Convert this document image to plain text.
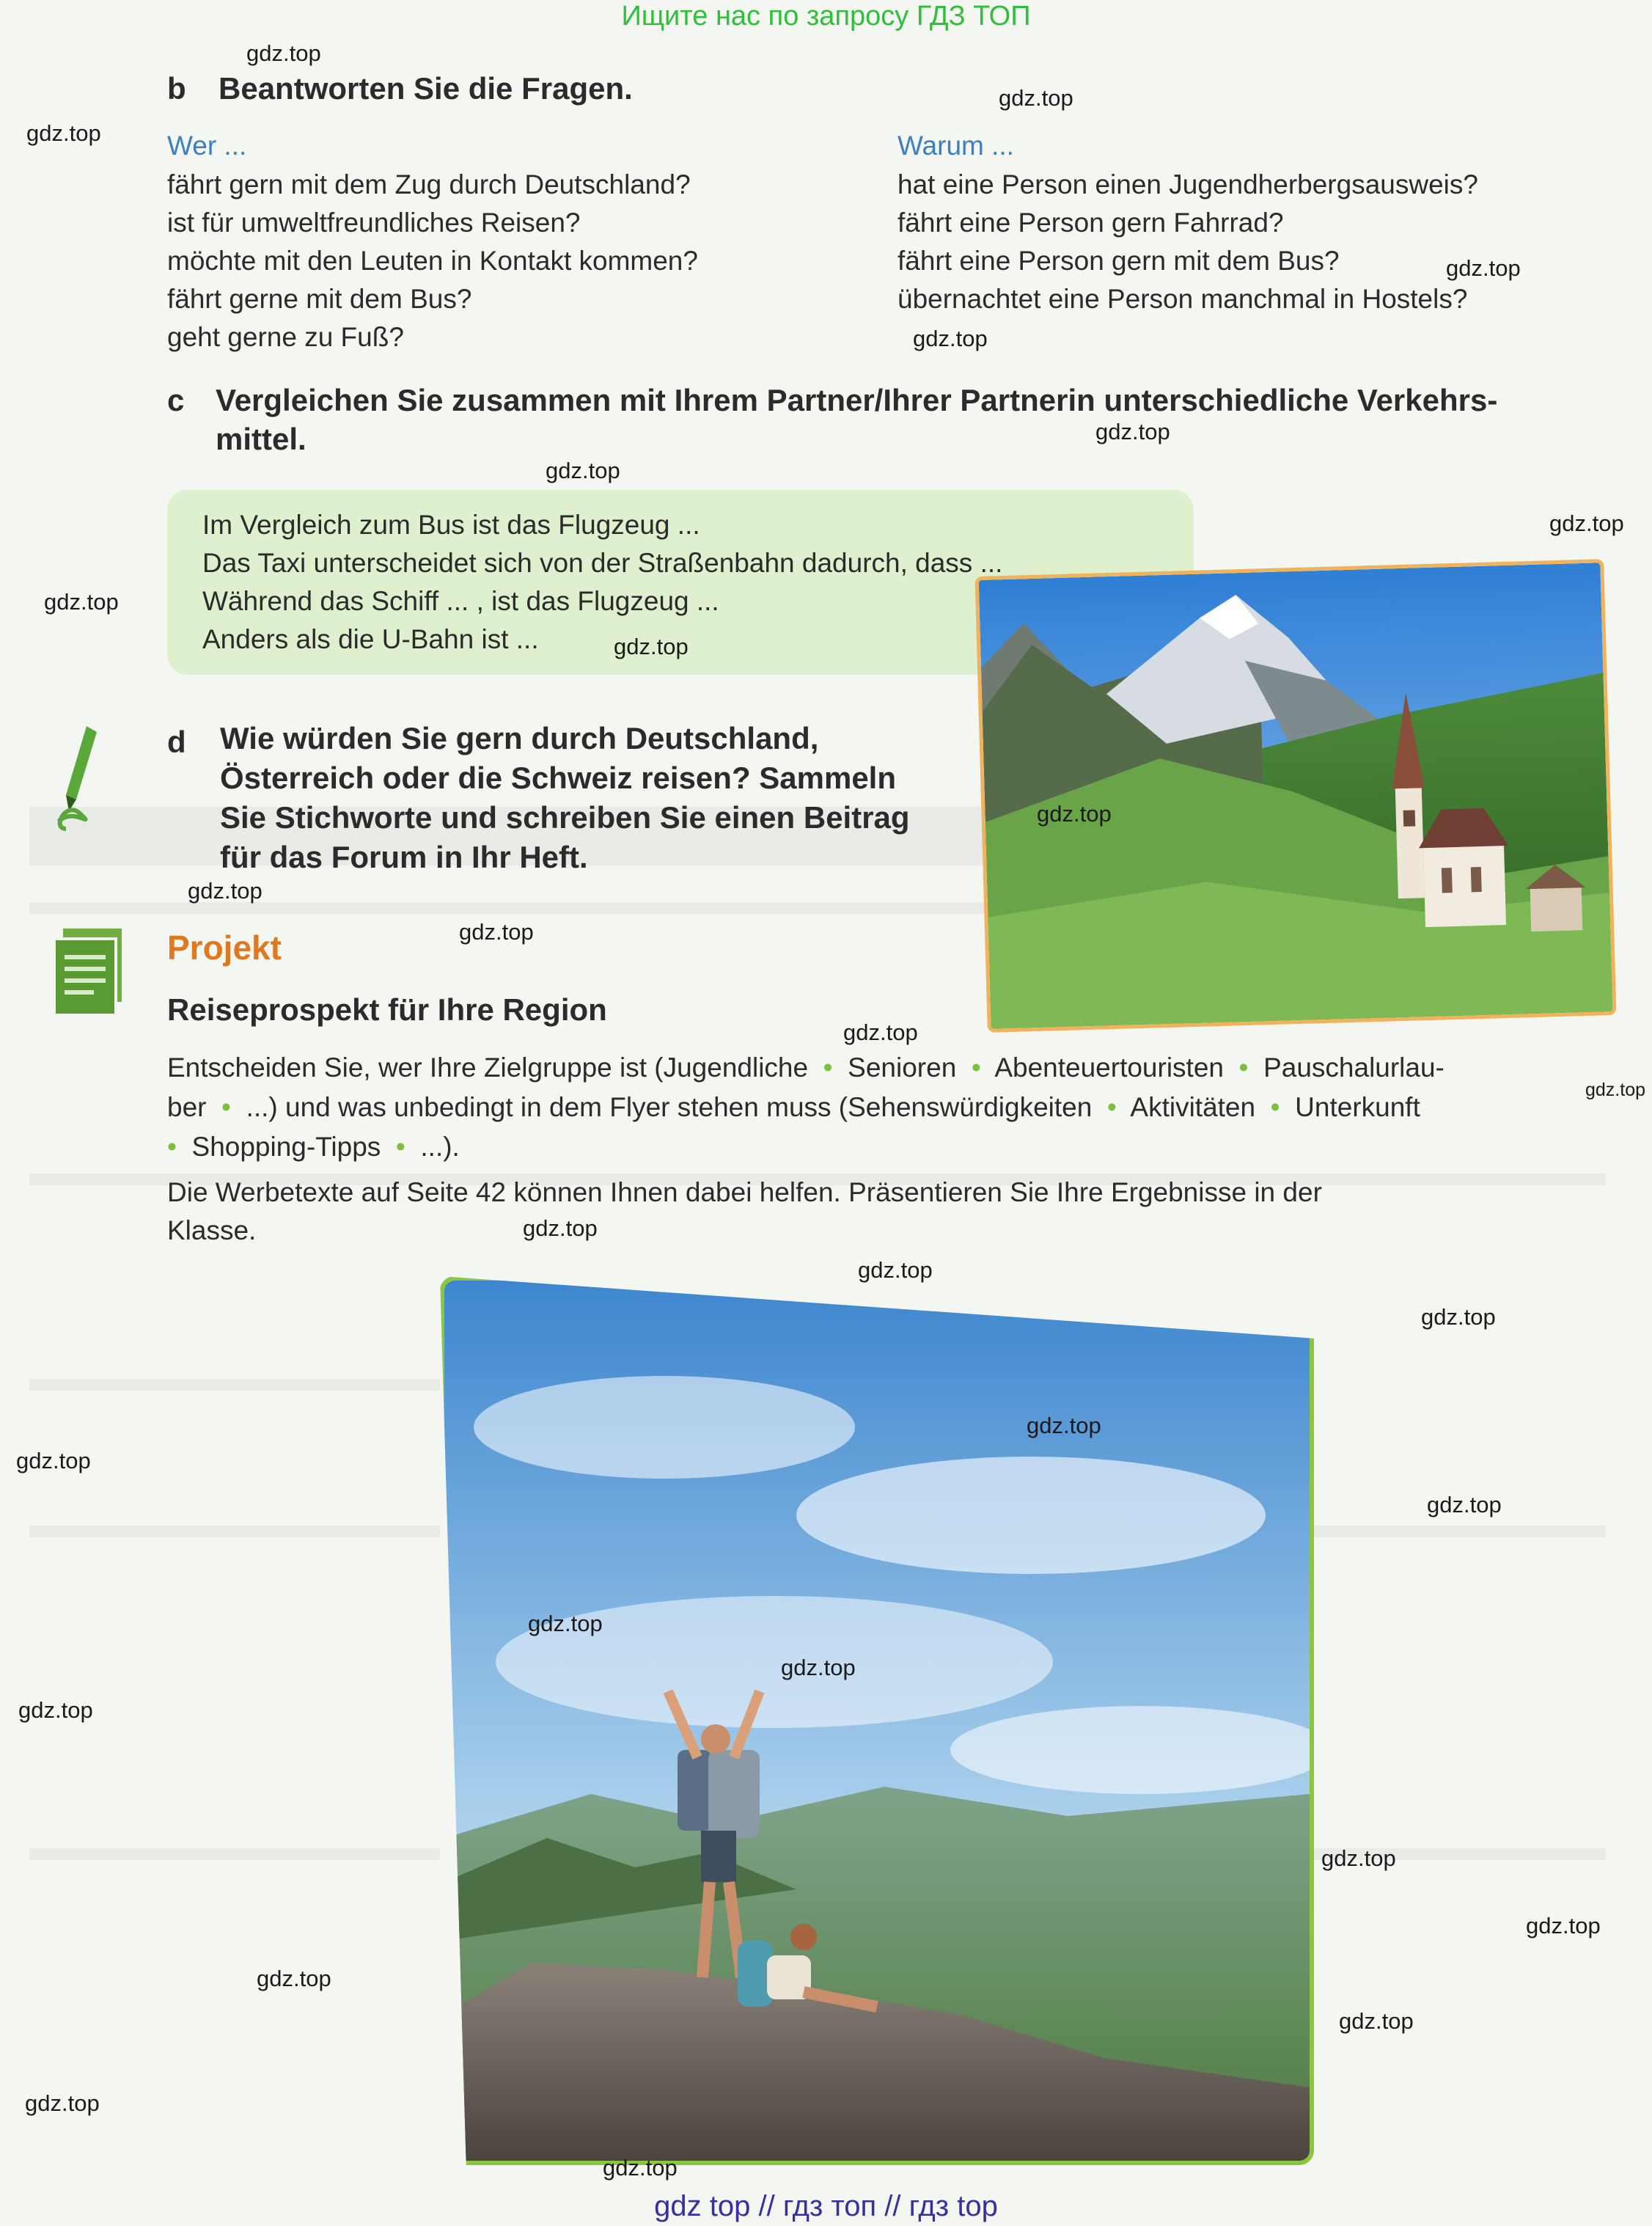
Ищите нас по запросу ГДЗ ТОП
b Beantworten Sie die Fragen.
Wer ...	Warum ...
fährt gern mit dem Zug durch Deutschland?
ist für umweltfreundliches Reisen?
möchte mit den Leuten in Kontakt kommen?
fährt gerne mit dem Bus?
geht gerne zu Fuß?
hat eine Person einen Jugendherbergsausweis?
fährt eine Person gern Fahrrad?
fährt eine Person gern mit dem Bus?
übernachtet eine Person manchmal in Hostels?
c Vergleichen Sie zusammen mit Ihrem Partner/Ihrer Partnerin unterschiedliche Verkehrs-
mittel.
Im Vergleich zum Bus ist das Flugzeug ...
Das Taxi unterscheidet sich von der Straßenbahn dadurch, dass ...
Während das Schiff ... , ist das Flugzeug ...
Anders als die U-Bahn ist ...
d Wie würden Sie gern durch Deutschland,
Österreich oder die Schweiz reisen? Sammeln
Sie Stichworte und schreiben Sie einen Beitrag
für das Forum in Ihr Heft.
Projekt
Reiseprospekt für Ihre Region
Entscheiden Sie, wer Ihre Zielgruppe ist (Jugendliche  •  Senioren  •  Abenteuertouristen  •  Pauschalurlau-
ber  •  ...) und was unbedingt in dem Flyer stehen muss (Sehenswürdigkeiten  •  Aktivitäten  •  Unterkunft
•  Shopping-Tipps  •  ...).
Die Werbetexte auf Seite 42 können Ihnen dabei helfen. Präsentieren Sie Ihre Ergebnisse in der
Klasse.
gdz.top
gdz.top
gdz.top
gdz.top
gdz.top
gdz.top
gdz.top
gdz.top
gdz.top
gdz.top
gdz.top
gdz.top
gdz.top
gdz.top
gdz.top
gdz.top
gdz.top
gdz.top
gdz.top
gdz.top
gdz.top
gdz.top
gdz.top
gdz.top
gdz.top
gdz.top
gdz.top
gdz.top
gdz.top
gdz.top
gdz top // гдз топ // гдз top
